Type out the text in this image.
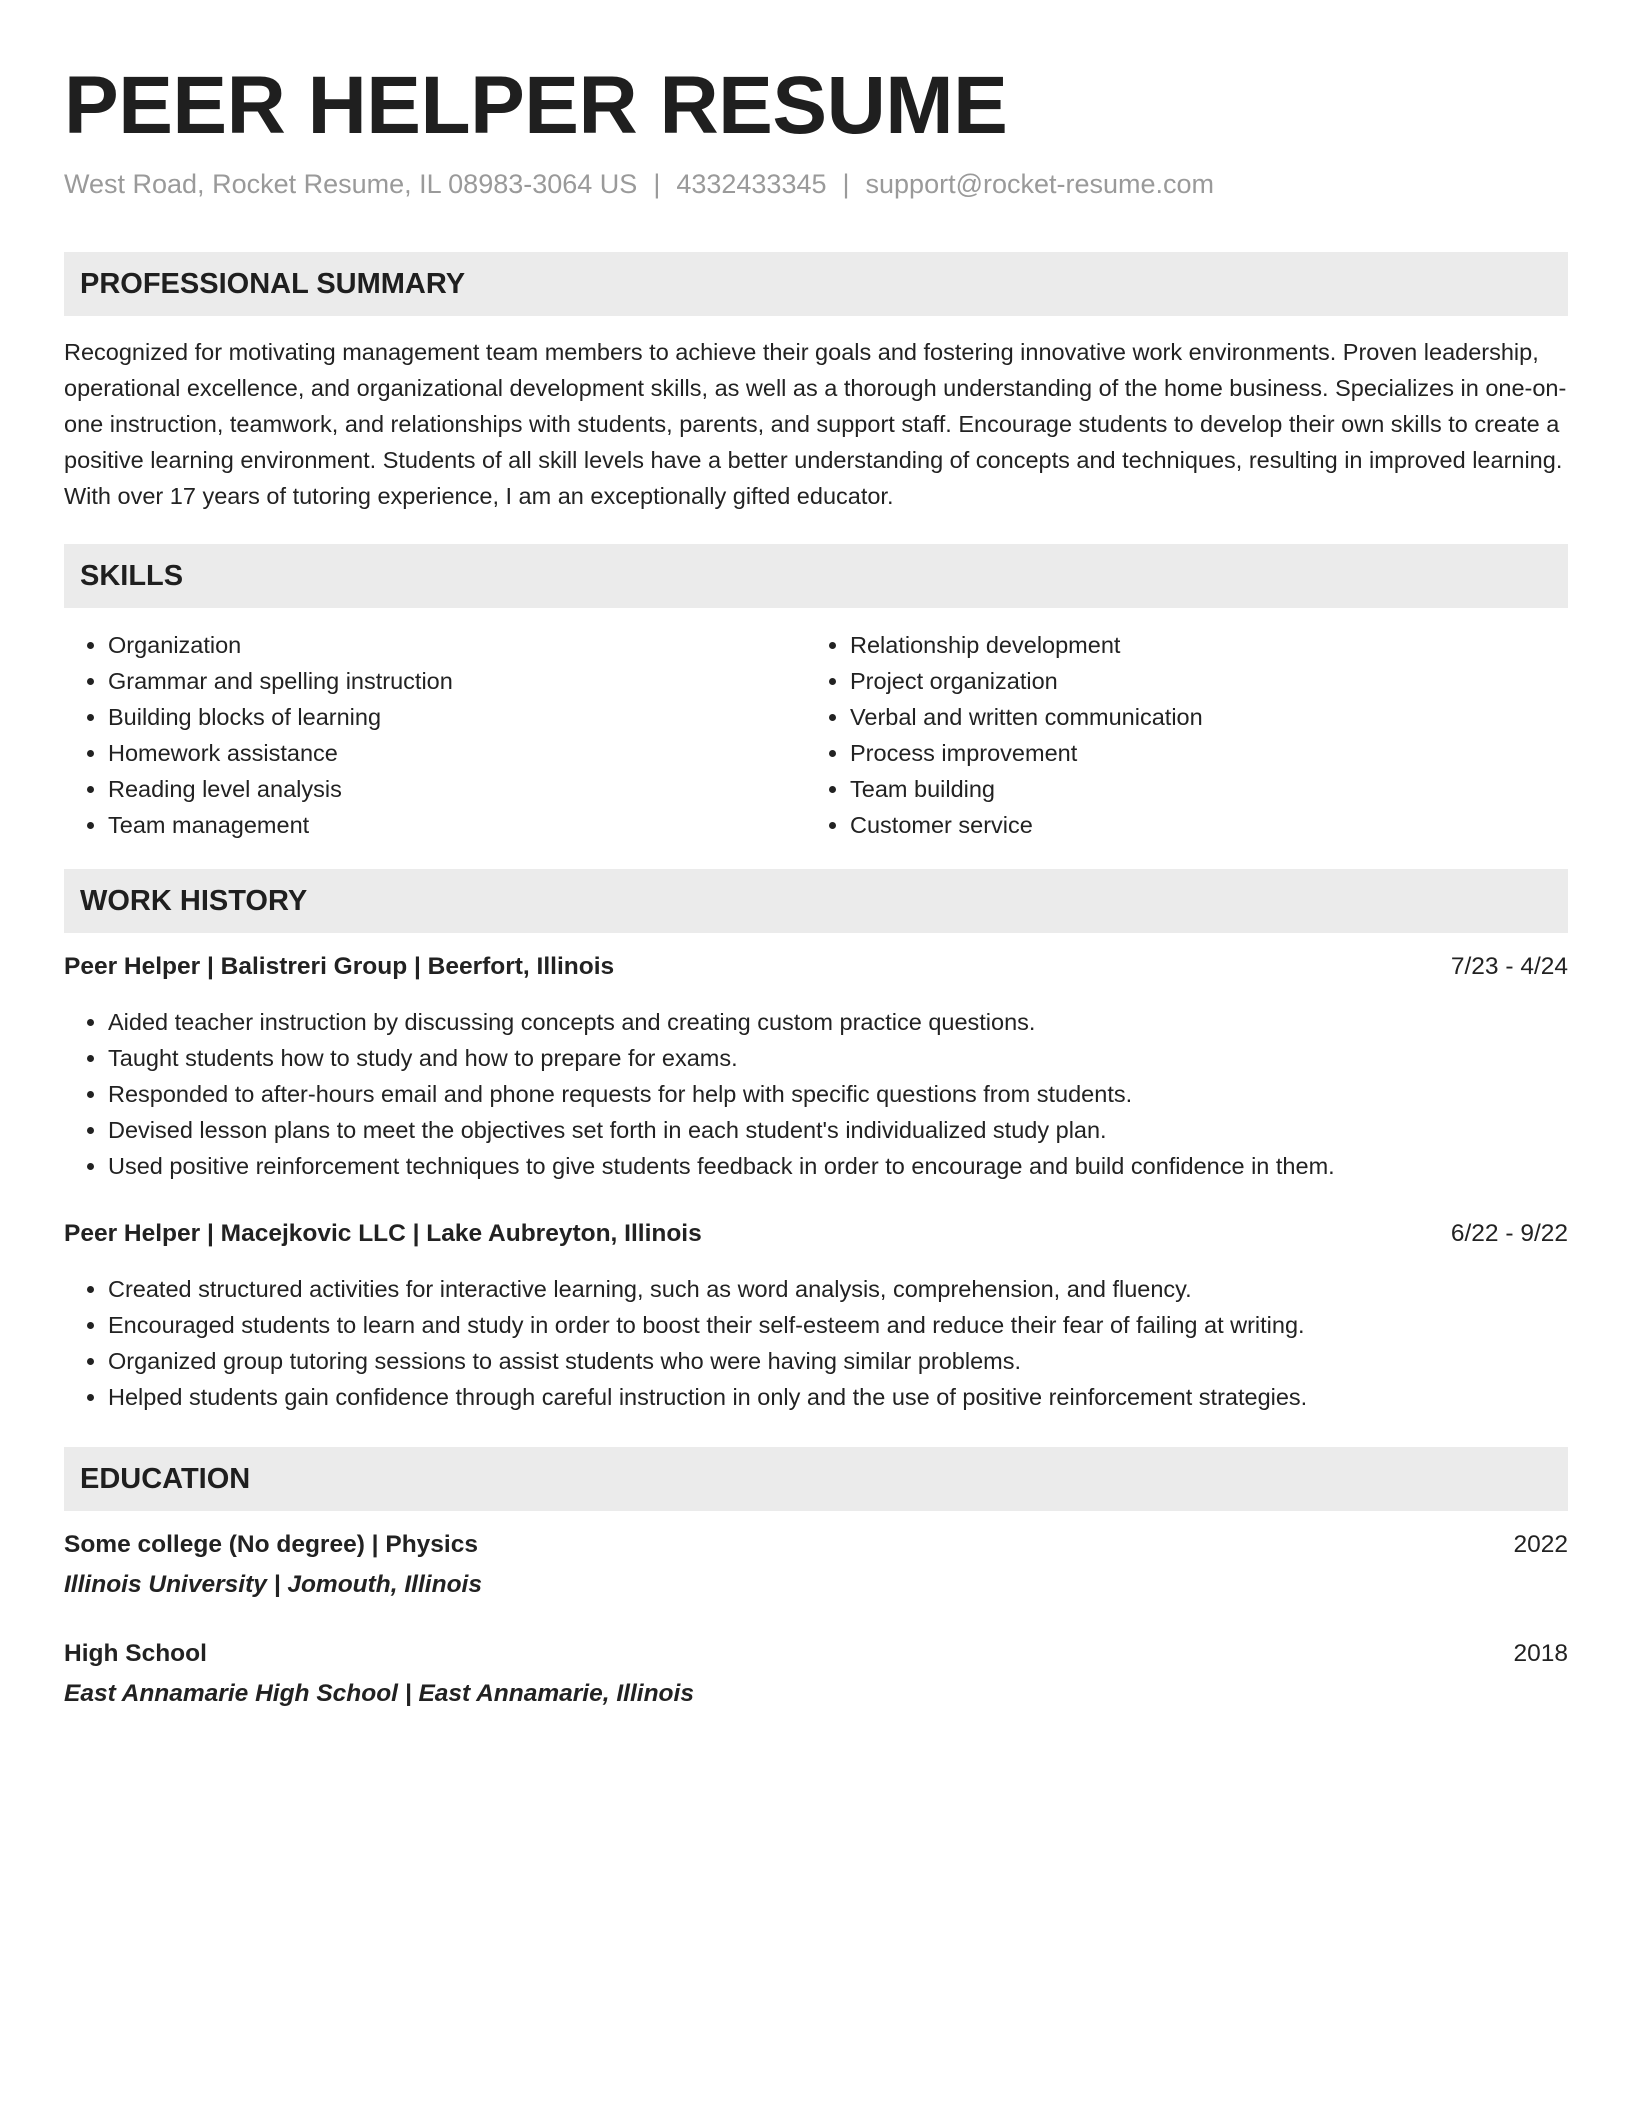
PEER HELPER RESUME
West Road, Rocket Resume, IL 08983-3064 US | 4332433345 | support@rocket-resume.com
PROFESSIONAL SUMMARY

Recognized for motivating management team members to achieve their goals and fostering innovative work environments. Proven leadership, operational excellence, and organizational development skills, as well as a thorough understanding of the home business. Specializes in one-on-one instruction, teamwork, and relationships with students, parents, and support staff. Encourage students to develop their own skills to create a positive learning environment. Students of all skill levels have a better understanding of concepts and techniques, resulting in improved learning. With over 17 years of tutoring experience, I am an exceptionally gifted educator.

SKILLS
• Organization
• Grammar and spelling instruction
• Building blocks of learning
• Homework assistance
• Reading level analysis
• Team management
• Relationship development
• Project organization
• Verbal and written communication
• Process improvement
• Team building
• Customer service
WORK HISTORY
Peer Helper | Balistreri Group | Beerfort, Illinois	7/23 - 4/24
• Aided teacher instruction by discussing concepts and creating custom practice questions.
• Taught students how to study and how to prepare for exams.
• Responded to after-hours email and phone requests for help with specific questions from students.
• Devised lesson plans to meet the objectives set forth in each student's individualized study plan.
• Used positive reinforcement techniques to give students feedback in order to encourage and build confidence in them.
Peer Helper | Macejkovic LLC | Lake Aubreyton, Illinois	6/22 - 9/22
• Created structured activities for interactive learning, such as word analysis, comprehension, and fluency.
• Encouraged students to learn and study in order to boost their self-esteem and reduce their fear of failing at writing.
• Organized group tutoring sessions to assist students who were having similar problems.
• Helped students gain confidence through careful instruction in only and the use of positive reinforcement strategies.
EDUCATION
Some college (No degree) | Physics	2022
Illinois University | Jomouth, Illinois
High School	2018
East Annamarie High School | East Annamarie, Illinois
